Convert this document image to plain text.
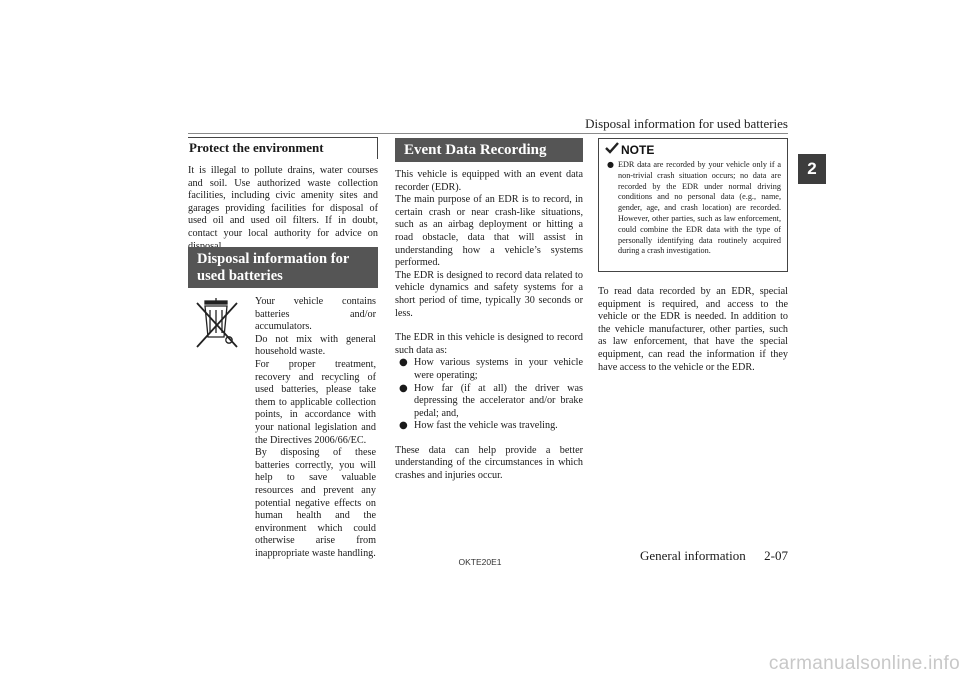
Disposal information for used batteries
2
Protect the environment

It is illegal to pollute drains, water courses and soil. Use authorized waste collection facilities, including civic amenity sites and garages providing facilities for disposal of used oil and used oil filters. If in doubt, contact your local authority for advice on

Disposal information for used batteries

Your vehicle contains batteries and/or accumulators.

Do not mix with general household waste.

For proper treatment, recovery and recycling of used batteries, please take them to applicable collection points, in accordance with your national legislation and the Directives 2006/66/EC.

By disposing of these batteries correctly, you will help to save valuable resources and prevent any potential negative effects on human health and the environment which could otherwise arise from inappropriate waste handling.

Event Data Recording

This vehicle is equipped with an event data recorder (EDR).

The main purpose of an EDR is to record, in certain crash or near crash-like situations, such as an airbag deployment or hitting a road obstacle, data that will assist in understanding how a vehicle’s systems performed.

The EDR is designed to record data related to vehicle dynamics and safety systems for a short period of time, typically 30 seconds or less.

The EDR in this vehicle is designed to record such data as:

● How various systems in your vehicle were operating;
● How far (if at all) the driver was depressing the accelerator and/or brake pedal; and,
● How fast the vehicle was traveling.

These data can help provide a better understanding of the circumstances in which crashes and injuries occur.

NOTE
● EDR data are recorded by your vehicle only if a non-trivial crash situation occurs; no data are recorded by the EDR under normal driving conditions and no personal data (e.g., name, gender, age, and crash location) are recorded. However, other parties, such as law enforcement, could combine the EDR data with the type of personally identifying data routinely acquired during a crash investigation.

To read data recorded by an EDR, special equipment is required, and access to the vehicle or the EDR is needed. In addition to the vehicle manufacturer, other parties, such as law enforcement, that have the special equipment, can read the information if they have access to the vehicle or the EDR.

OKTE20E1	General information	2-07
carmanualsonline.info
